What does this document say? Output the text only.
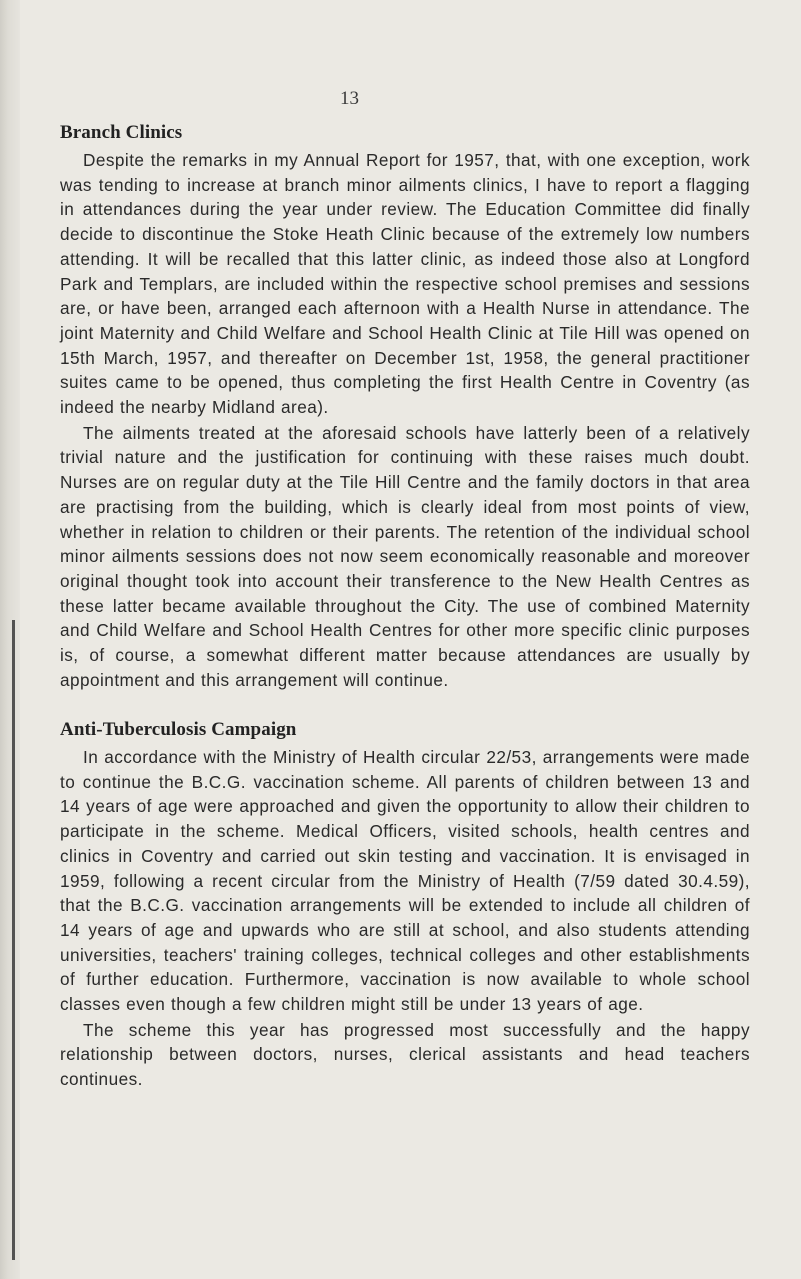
13
Branch Clinics

Despite the remarks in my Annual Report for 1957, that, with one exception, work was tending to increase at branch minor ailments clinics, I have to report a flagging in attendances during the year under review. The Education Committee did finally decide to discontinue the Stoke Heath Clinic because of the extremely low numbers attending. It will be recalled that this latter clinic, as indeed those also at Longford Park and Templars, are included within the respective school premises and sessions are, or have been, arranged each afternoon with a Health Nurse in attendance. The joint Maternity and Child Welfare and School Health Clinic at Tile Hill was opened on 15th March, 1957, and thereafter on December 1st, 1958, the general practitioner suites came to be opened, thus completing the first Health Centre in Coventry (as indeed the nearby Midland area).

The ailments treated at the aforesaid schools have latterly been of a relatively trivial nature and the justification for continuing with these raises much doubt. Nurses are on regular duty at the Tile Hill Centre and the family doctors in that area are practising from the building, which is clearly ideal from most points of view, whether in relation to children or their parents. The retention of the individual school minor ailments sessions does not now seem economically reasonable and moreover original thought took into account their transference to the New Health Centres as these latter became available throughout the City. The use of combined Maternity and Child Welfare and School Health Centres for other more specific clinic purposes is, of course, a somewhat different matter because attendances are usually by appointment and this arrangement will continue.

Anti-Tuberculosis Campaign

In accordance with the Ministry of Health circular 22/53, arrangements were made to continue the B.C.G. vaccination scheme. All parents of children between 13 and 14 years of age were approached and given the opportunity to allow their children to participate in the scheme. Medical Officers, visited schools, health centres and clinics in Coventry and carried out skin testing and vaccination. It is envisaged in 1959, following a recent circular from the Ministry of Health (7/59 dated 30.4.59), that the B.C.G. vaccination arrangements will be extended to include all children of 14 years of age and upwards who are still at school, and also students attending universities, teachers' training colleges, technical colleges and other establishments of further education. Furthermore, vaccination is now available to whole school classes even though a few children might still be under 13 years of age.

The scheme this year has progressed most successfully and the happy relationship between doctors, nurses, clerical assistants and head teachers continues.
